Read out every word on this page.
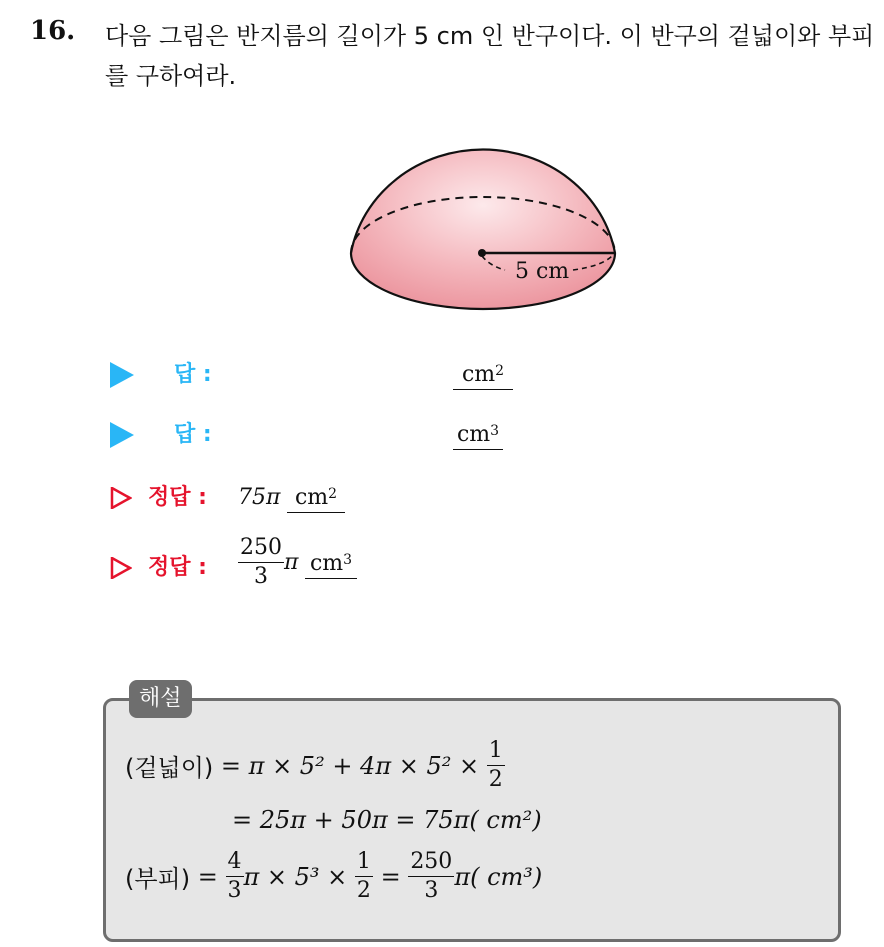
16. 다음 그림은 반지름의 길이가 5 cm 인 반구이다. 이 반구의 겉넓이와 부피를 구하여라.
5 cm
답 :	$cm^2$
답 :	$cm^3$
정답 : 75π $cm^2$
정답 : $\frac{250}{3}$ π $cm^3$
해설
(겉넓이)
= π × 5² + 4π × 5² ×
$\frac{1}{2}$
= 25π + 50π = 75π( cm²)
(부피)
=
$\frac{4}{3}$ π × 5³ ×
$\frac{1}{2}$
=
$\frac{250}{3} \pi$( cm³)
